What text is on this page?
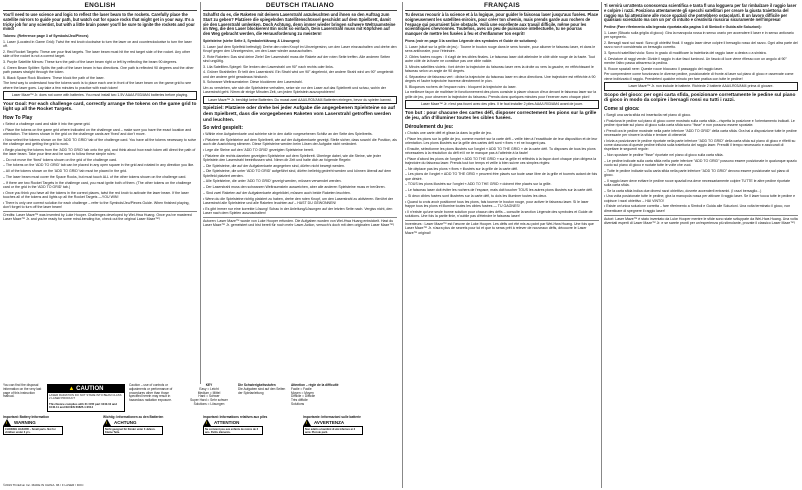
ENGLISH
You'll need to use science and logic to reflect the laser beam to the rockets. Carefully place the satellite mirrors to guide your path, but watch out for space rocks that might get in your way. It's a tricky job for any scientist, but with a little brain power you'll be sure to ignite the rockets and your mind!

Tokens: (Reference page 3 of Symbols/Jeu/Pieces)

1. Laser (Located in Game Grid): Twist the red knob clockwise to turn the laser on and counterclockwise to turn the laser off.

2. Red Rocket Targets: These are your final targets. The laser beam must hit the red target side of the rocket. Any other side of the rocket is not a correct target.

3. Purple Satellite Mirrors: These turn the path of the laser beam right or left by reflecting the beam 90 degrees.

4. Green Beam Splitter: Splits the path of the laser beam in two directions. One path is reflected 90 degrees and the other path passes straight through the token.

5. Black Space Rock Blockers: These block the path of the laser.

The best way to understand how the tokens work is to place each one in front of the laser beam on the game grid to see where the laser goes. Lay take a few minutes to practice with each token!

Laser Maze™ Jr. does not come with batteries. You must install two 1.5V AAA/LR03/AM4 batteries before playing.
Your Goal: For each challenge card, correctly arrange the tokens on the game grid to light up all the Rocket Targets.
How To Play

• Select a challenge card and slide it into the game grid.

• Place the tokens on the game grid where indicated on the challenge card – make sure you have the exact location and orientation. The tokens shown in the grid on the challenge cards are 'fixed' and don't move.

• Now select the tokens shown on the 'ADD TO GRID' tab of the challenge card. You have all the tokens necessary to solve the challenge and getting the grid to work.

• Begin placing the tokens from the 'ADD TO GRID' tab onto the grid, and think about how each token will direct the path of the laser beam. Take your time and be sure to follow these simple rules:

– Do not move the 'fixed' tokens shown on the grid of the challenge card.

– The tokens on the 'ADD TO GRID' tab can be placed in any open square in the grid and rotated in any direction you like.

– All of the tokens shown on the 'ADD TO GRID' tab must be placed in the grid.

– The laser beam must cover the Space Rocks, but must touch ALL of the other tokens shown on the challenge card.

– If there are two Rocket Targets in the challenge card, you must ignite both of them. (The other tokens on the challenge card or the grid in the 'ADD TO GRID' tab.)

• Once you think you have all the tokens in the correct places, twist the red knob to activate the laser beam. If the laser touches all of the tokens and lights up all the Rocket Targets —YOU WIN!

• There is only one correct solution for each challenge – refer to the Symbols/Jeu/Pieces Guide. When finished playing, don't forget to turn off the laser beam!

Credits: Laser Maze™ was invented by Luke Hooper. Challenges developed by Wei-Hwa Huang. Once you've mastered Laser Maze™ Jr. and you're ready for some mind-bending fun, check out the original Laser Maze™!

DEUTSCH ITALIANO
Schaffst du es, die Raketen mit deinem Laserstrahl anzuleuchten und ihnen so den Auftrag zum Start zu geben? Platziere die spiegelnden Satellitenschüssel geschickt auf dem Spielbrett, damit sie den Laserstrahl umlenken. Doch Achtung, denn immer wieder bringen schwere Weltraumsteine im Weg, die den Laser blockieren! Ein nicht so einfach, Dein Laserstrahl muss mit Köpfchen auf den Weg gebracht werden, die Herausforderung zu meistern!

Spielsteine (siehe Seite 3, Symbolerklärung & Lösungen):

1. Laser (auf dem Spielfeld befestigt): Drehe den roten Knopf im Uhrzeigersinn, um den Laser einzuschalten und drehe den Knopf gegen den Uhrzeigersinn, um den Laser wieder auszuschalten.

2. Rote Raketen: Das sind deine Ziele! Der Laserstrahl muss die Rakete auf der roten Seite treffen. Alle anderen Seiten sind ungültig.

3. Lila Satelliten-Spiegel: Sie lenken den Laserstrahl um 90° nach rechts oder links.

4. Grüner Strahlteiler: Er teilt den Laserstrahl. Ein Strahl wird um 90° abgelenkt, der andere Strahl wird um 90° umgelenkt und der andere geht geradeaus hindurch.

5. Schwarze Weltraumsteine: Diese blockieren den Laserstrahl.

Um zu verstehen, wie sich die Spielsteine verhalten, setze sie vor den Laser auf das Spielbrett und schau, wohin der Laserstrahl geht. Nimm dir einige Minuten Zeit, um jeden Spielstein auszuprobieren!

Laser Maze™ Jr. benötigt keine Batterien. Du musst zwei AAA/LR03/AM4 Batterien einlegen, bevor du spielen kannst.
Spielziel: Platziere oder drehe bei jeder Aufgabe die angegebenen Spielsteine so auf dem Spielbrett, dass die vorgegebenen Raketen vom Laserstrahl getroffen werden und leuchten.
So wird gespielt:

• Wähle eine Aufgabenkarte und schiebe sie in den dafür vorgesehenen Schlitz an der Seite des Spielbretts.

• Platziere die Spielsteine auf dem Spielbrett, wie auf der Aufgabenkarte gezeigt. Stelle sicher, dass sowohl die Position, als auch die Ausrichtung stimmen. Diese Spielsteine werden beim Lösen der Aufgabe nicht verändert.

• Lege die Steine auf den 'ADD TO GRID' gezeigten Spielsteine bereit.

• Platziere die rechts daneben gezeigten Spielsteine auf dem Spielbrett. Überlege dabei, wie die Steine, wie jeder Spielstein den Laserstrahl beeinflussen wird. Nimm dir Zeit und halte dich an folgende Regeln:

– Die Spielsteine, die auf der Aufgabenkarte angegeben sind, dürfen nicht bewegt werden.

– Die Spielsteine, die unter 'ADD TO GRID' aufgeführt sind, dürfen beliebig gedreht werden und können überall auf dem Spielfeld platziert werden.

– Alle Spielsteine, die unter 'ADD TO GRID' gezeigt werden, müssen verwendet werden.

– Der Laserstrahl muss den schwarzen Weltraumstein ausweichen, aber alle anderen Spielsteine muss er berühren.

– Sind zwei Raketen auf der Aufgabenkarte abgebildet, müssen auch beide Raketen leuchten.

• Wenn du die Spielsteine richtig platziert zu haben, drehe den roten Knopf, um den Laserstrahl zu aktivieren. Berührt der Laserstrahl alle Spielsteine und alle Raketen leuchten auf – HAST DU GEWONNEN!

• Es gibt immer nur eine korrekte Lösung! Schau in der Anleitung/Lösungen auf der letzten Seite nach. Vergiss nicht, den Laser nach dem Spielen auszuschalten!

Autoren: Laser Maze™ wurde von Luke Hooper erfunden. Die Aufgaben wurden von Wei-Hwa Huang entwickelt. Hast du Laser Maze™ Jr. gemeistert und bist bereit für noch mehr Laser-Action, versuch's doch mit dem originalen Laser Maze™!

FRANÇAIS
Tu devras recourir à la science et à la logique, pour guider le faisceau laser jusqu'aux fusées. Place soigneusement les satellites-miroirs, pour créer ton chemin, mais prends garde aux rochers de l'espace qui pourraient faire obstacle. Voilà une excellente aux travail difficile, même pour les scientifiques chevronnés. Toutefois, avec un peu de puissance intellectuelle, tu ne pourras manquer de mettre les fusées à feu et d'enflammer ton esprit!

Pions (voir en page 3 la section Légende des symboles et Guide de solutions):

1. Laser (situé sur la grille de jeu) : Tourne le bouton rouge dans le sens horaire, pour allumer le faisceau laser, et dans le sens antihoraire, pour l'éteindre.

2. Cibles fusées rouges : Il s'agit de tes cibles finales. Le faisceau laser doit atteindre le côté cible rouge de la fusée. Tout autre côté de la fusée ne constitue pas une cible valide.

3. Miroirs satellites violets : font dévier la trajectoire du faisceau laser vers la droite ou vers la gauche, en réfléchissant le faisceau selon un angle de 90 degrés.

4. Séparateur de faisceau vert : divise la trajectoire du faisceau laser en deux directions. Une trajectoire est réfléchie à 90 degrés et l'autre trajectoire traverse directement le pion.

5. Bloqueurs rochers de l'espace noirs : bloquent la trajectoire du laser.

La meilleure façon de maîtriser le fonctionnement des pions consiste à placer chacun d'eux devant le faisceau laser sur la grille de jeu, pour observer la trajectoire du faisceau. Prends donc quelques minutes pour t'exercer avec chaque pion!

Laser Maze™ Jr. n'est pas fourni avec des piles. Il te faut installer 2 piles AAA/LR03/AM4 avant de jouer.
Ton but : pour chacune des cartes défi, disposer correctement les pions sur la grille de jeu, afin d'illuminer toutes les cibles fusées.
Déroulement du jeu:

• Choisis une carte défi et glisse-la dans la grille de jeu.

• Place les pions sur la grille de jeu, comme montré sur la carte défi – veille bien à l'exactitude de leur disposition et de leur orientation. Les pions illustrés sur la grille des cartes défi sont « fixes » et ne bougent pas.

• Ensuite, sélectionne les pions illustrés sur l'onglet « ADD TO THE GRID » de la carte défi. Tu disposes de tous les pions nécessaires à la résolution du défi et il ne te manque pas à l'atteinte à la faute!

• Place d'abord les pions de l'onglet « ADD TO THE GRID » sur la grille et réfléchis à la façon dont chaque pion dirigera la trajectoire du faisceau laser. Prends tout ton temps et veille à bien suivre ces simples règles:

– Ne déplace pas les pions « fixes » illustrés sur la grille de la carte défi.

– Les pions de l'onglet « ADD TO THE GRID » peuvent être placés sur toute case libre de la grille et tournés autant de fois que désiré.

– TOUS les pions illustrés sur l'onglet « ADD TO THE GRID » doivent être placés sur la grille.

– Le faisceau laser doit éviter les rochers de l'espace, mais doit toucher TOUS les autres pions illustrés sur la carte défi.

– Si deux cibles fusées sont illustrées sur la carte défi, tu dois les illuminer toutes les deux.

• Quand tu crois avoir positionné tous les pions, fais tourner le bouton rouge, pour activer le faisceau laser. Si le laser frappe tous les pions et illumine toutes les cibles fusées — TU GAGNES!

• Il n'existe qu'une seule bonne solution pour chacun des défis – consulte la section Légende des symboles et Guide de solutions. Une fois la partie finie, n'oublie pas d'éteindre le faisceau laser!

Inventeurs : Laser Maze™ est l'œuvre de Luke Hooper. Les défis ont été mis au point par Wei-Hwa Huang. Une fois que Laser Maze™ Jr. n'aura plus de secrets pour toi et que tu seras prêt à relever de nouveaux défis, découvre le Laser Maze™ original!

Ti servirà un'attenta conoscenza scientifica e tanta fl una logguera per far rimbalzare il raggio laser e colpire i razzi. Posiziona attentamente gli specchi satellitari per creare la giusta traiettoria del raggio ma fai attenzione alle rocce spaziali che potrebbero ostacolarti. È un lavoro difficile per qualsiasi scienziato ma con un po' di intuito e creatività riuscirai sicuramente nell'impresa!

Pedine (Fare riferimento alla legenda riportata alla pagina 3 di Simboli e Guida alle Soluzioni):

1. Laser (Situato sulla griglia di gioco): Gira la manopola rossa in senso orario per accendere il laser e in senso antiorario per spegnerlo.

2. Bersagli razzi sui razzi: Sono gli obiettivi finali. Il raggio laser deve colpire il bersaglio rosso del razzo. Ogni altra parte del razzo non è considerata un bersaglio corretto.

3. Specchi satellitari viola: Sono in grado di modificare la traiettoria del raggio laser a destra o a sinistra.

4. Deviatore di raggi verde: Divide il raggio in due fasci luminosi. Un fascio di luce viene riflesso con un angolo di 90° mentre l'altro passa attraverso la pedina.

5. Rocce spaziali nere: Queste rocce bloccano il passaggio del raggio laser.

Per comprendere come funzionano le diverse pedine, posizionatele di fronte al laser sul piano di gioco e osservate come viene indirizzato il raggio. Prendetevi qualche minuto per fare pratica con tutte le pedine!

Laser Maze™ Jr. non include le batterie. Richiede 2 batterie AAA/LR03/AM4 prima di giocare.
Scopo del gioco: per ogni carta sfida, posizionare correttamente le pedine sul piano di gioco in modo da colpire i bersagli rossi su tutti i razzi.
Come si gioca:

• Scegli una carta sfida ed inseriscila nel piano di gioco.

• Posiziona le pedine sul piano di gioco come mostrato sulla carta sfida – rispetta la posizione e l'orientamento indicati. Le pedine riportate sul piano di gioco sulla carta sfida sono "fisse" e non possono essere spostate.

• Prendi ora le pedine mostrate nella parte inferiore "ADD TO GRID" della carta sfida. Ora hai a disposizione tutte le pedine necessarie per vincere la sfida e tentare di ottenerla!

• Inizia a posizionare le pedine riportate nella parte inferiore "ADD TO GRID" della carta sfida sul piano di gioco e rifletti su come ciascuna di queste pedine influirà sulla traiettoria del raggio laser. Prenditi il tempo necessario e assicurati di rispettare le seguenti regole:

– Non spostare le pedine "fisse" riportate nel piano di gioco sulla carta sfida.

– Le pedine indicate sulla carta sfida nella parte inferiore "ADD TO GRID" possono essere posizionate in qualunque spazio vuoto sul piano di gioco e ruotate tutte le volte che vuoi.

– Tutte le pedine indicate sulla carta sfida nella parte inferiore "ADD TO GRID" devono essere posizionate sul piano di gioco.

– Il raggio laser deve evitare le pedine rocce spaziali ma deve necessariamente colpire TUTTE le altre pedine riportate sulla carta sfida.

– Se la carta sfida indica due diversi razzi obiettivo, dovrete accenderli entrambi. (I razzi bersaglio...)

• Una volta posizionate tutte le pedine, gira la manopola rossa per attivare il raggio laser. Se il laser tocca tutte le pedine e colpisce i razzi obiettivo – HAI VINTO!

• Esiste un'unica soluzione corretta – fare riferimento a Simboli e Guida alle Soluzioni. Una volta terminato il gioco, non dimenticare di spegnere il raggio laser!

Autori: Laser Maze™ è stato inventato da Luke Hooper mentre le sfide sono state sviluppate da Wei-Hwa Huang. Una volta diventati esperti di Laser Maze™ Jr. e se sarete pronti per un'esperienza più stimolante, provate il classico Laser Maze™!

You can find the disposal information on the very last page of this instruction manual.
▲ CAUTION
LASER RADIATION DO NOT STARE INTO BEAM CLASS 2 LASER PRODUCT
This Device complies with 21 CFR part 1040.10 and 1040.11 and IEC/EN 60825-1:2014
Caution – use of controls or adjustments or performance of procedures other than those specified herein may result in hazardous radiation exposure.
KEY
Easy = Leicht
Medium = Mittel
Hard = Schwer
Super Hard = Sehr schwer
Solutions = Lösungen
Die Schwierigkeitsstufen
Die Aufgaben sind auf den Seiten der Spielanleitung
Attention – règle de la difficulté
Facile = Facile
Moyen = Moyen
Difficile = Difficile
Très difficile
Solutions
Important: Battery Information
!
WARNING
CHOKING HAZARD – Small parts. Not for children under 3 yrs.
Wichtig: Informationen zu den Batterien
!
ACHTUNG
Nicht geeignet für Kinder unter 3 Jahren. Kleine Teile.
Important: Informations relatives aux piles
!
ATTENTION
Ne convient pas aux enfants de moins de 3 ans. Petits éléments.
Importante: Informazioni sulle batterie
!
AVVERTENZA
Non adatto a bambini di età inferiore ai 3 anni. Piccole parti.
©2019 ThinkFun Inc. MADE IN CHINA. 96 / F LASER / DOC
